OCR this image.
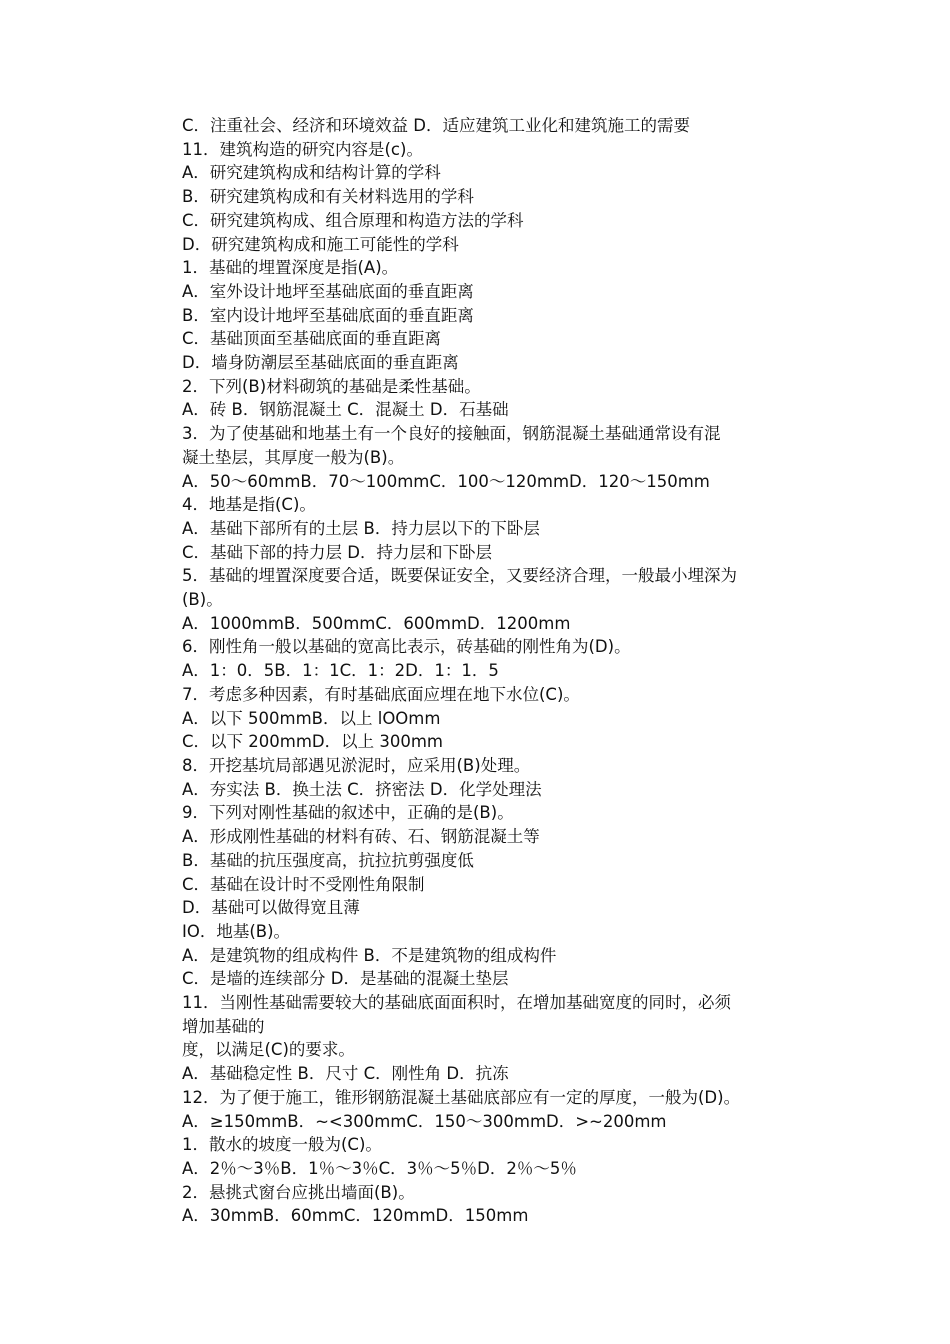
C．注重社会、经济和环境效益 D．适应建筑工业化和建筑施工的需要

11．建筑构造的研究内容是(c)。

A．研究建筑构成和结构计算的学科

B．研究建筑构成和有关材料选用的学科

C．研究建筑构成、组合原理和构造方法的学科

D．研究建筑构成和施工可能性的学科

1．基础的埋置深度是指(A)。

A．室外设计地坪至基础底面的垂直距离

B．室内设计地坪至基础底面的垂直距离

C．基础顶面至基础底面的垂直距离

D．墙身防潮层至基础底面的垂直距离

2．下列(B)材料砌筑的基础是柔性基础。

A．砖 B．钢筋混凝土 C．混凝土 D．石基础

3．为了使基础和地基土有一个良好的接触面，钢筋混凝土基础通常设有混

凝土垫层，其厚度一般为(B)。

A．50～60mmB．70～100mmC．100～120mmD．120～150mm

4．地基是指(C)。

A．基础下部所有的土层 B．持力层以下的下卧层

C．基础下部的持力层 D．持力层和下卧层

5．基础的埋置深度要合适，既要保证安全，又要经济合理，一般最小埋深为

(B)。

A．1000mmB．500mmC．600mmD．1200mm

6．刚性角一般以基础的宽高比表示，砖基础的刚性角为(D)。

A．1：0．5B．1：1C．1：2D．1：1．5

7．考虑多种因素，有时基础底面应埋在地下水位(C)。

A．以下 500mmB．以上 lOOmm

C．以下 200mmD．以上 300mm

8．开挖基坑局部遇见淤泥时，应采用(B)处理。

A．夯实法 B．换土法 C．挤密法 D．化学处理法

9．下列对刚性基础的叙述中，正确的是(B)。

A．形成刚性基础的材料有砖、石、钢筋混凝土等

B．基础的抗压强度高，抗拉抗剪强度低

C．基础在设计时不受刚性角限制

D．基础可以做得宽且薄

IO．地基(B)。

A．是建筑物的组成构件 B．不是建筑物的组成构件

C．是墙的连续部分 D．是基础的混凝土垫层

11．当刚性基础需要较大的基础底面面积时，在增加基础宽度的同时，必须

增加基础的

度，以满足(C)的要求。

A．基础稳定性 B．尺寸 C．刚性角 D．抗冻

12．为了便于施工，锥形钢筋混凝土基础底部应有一定的厚度，一般为(D)。

A．≥150mmB．~<300mmC．150～300mmD．>~200mm

1．散水的坡度一般为(C)。

A．2％～3％B．1％～3％C．3％～5％D．2％～5％

2．悬挑式窗台应挑出墙面(B)。

A．30mmB．60mmC．120mmD．150mm
